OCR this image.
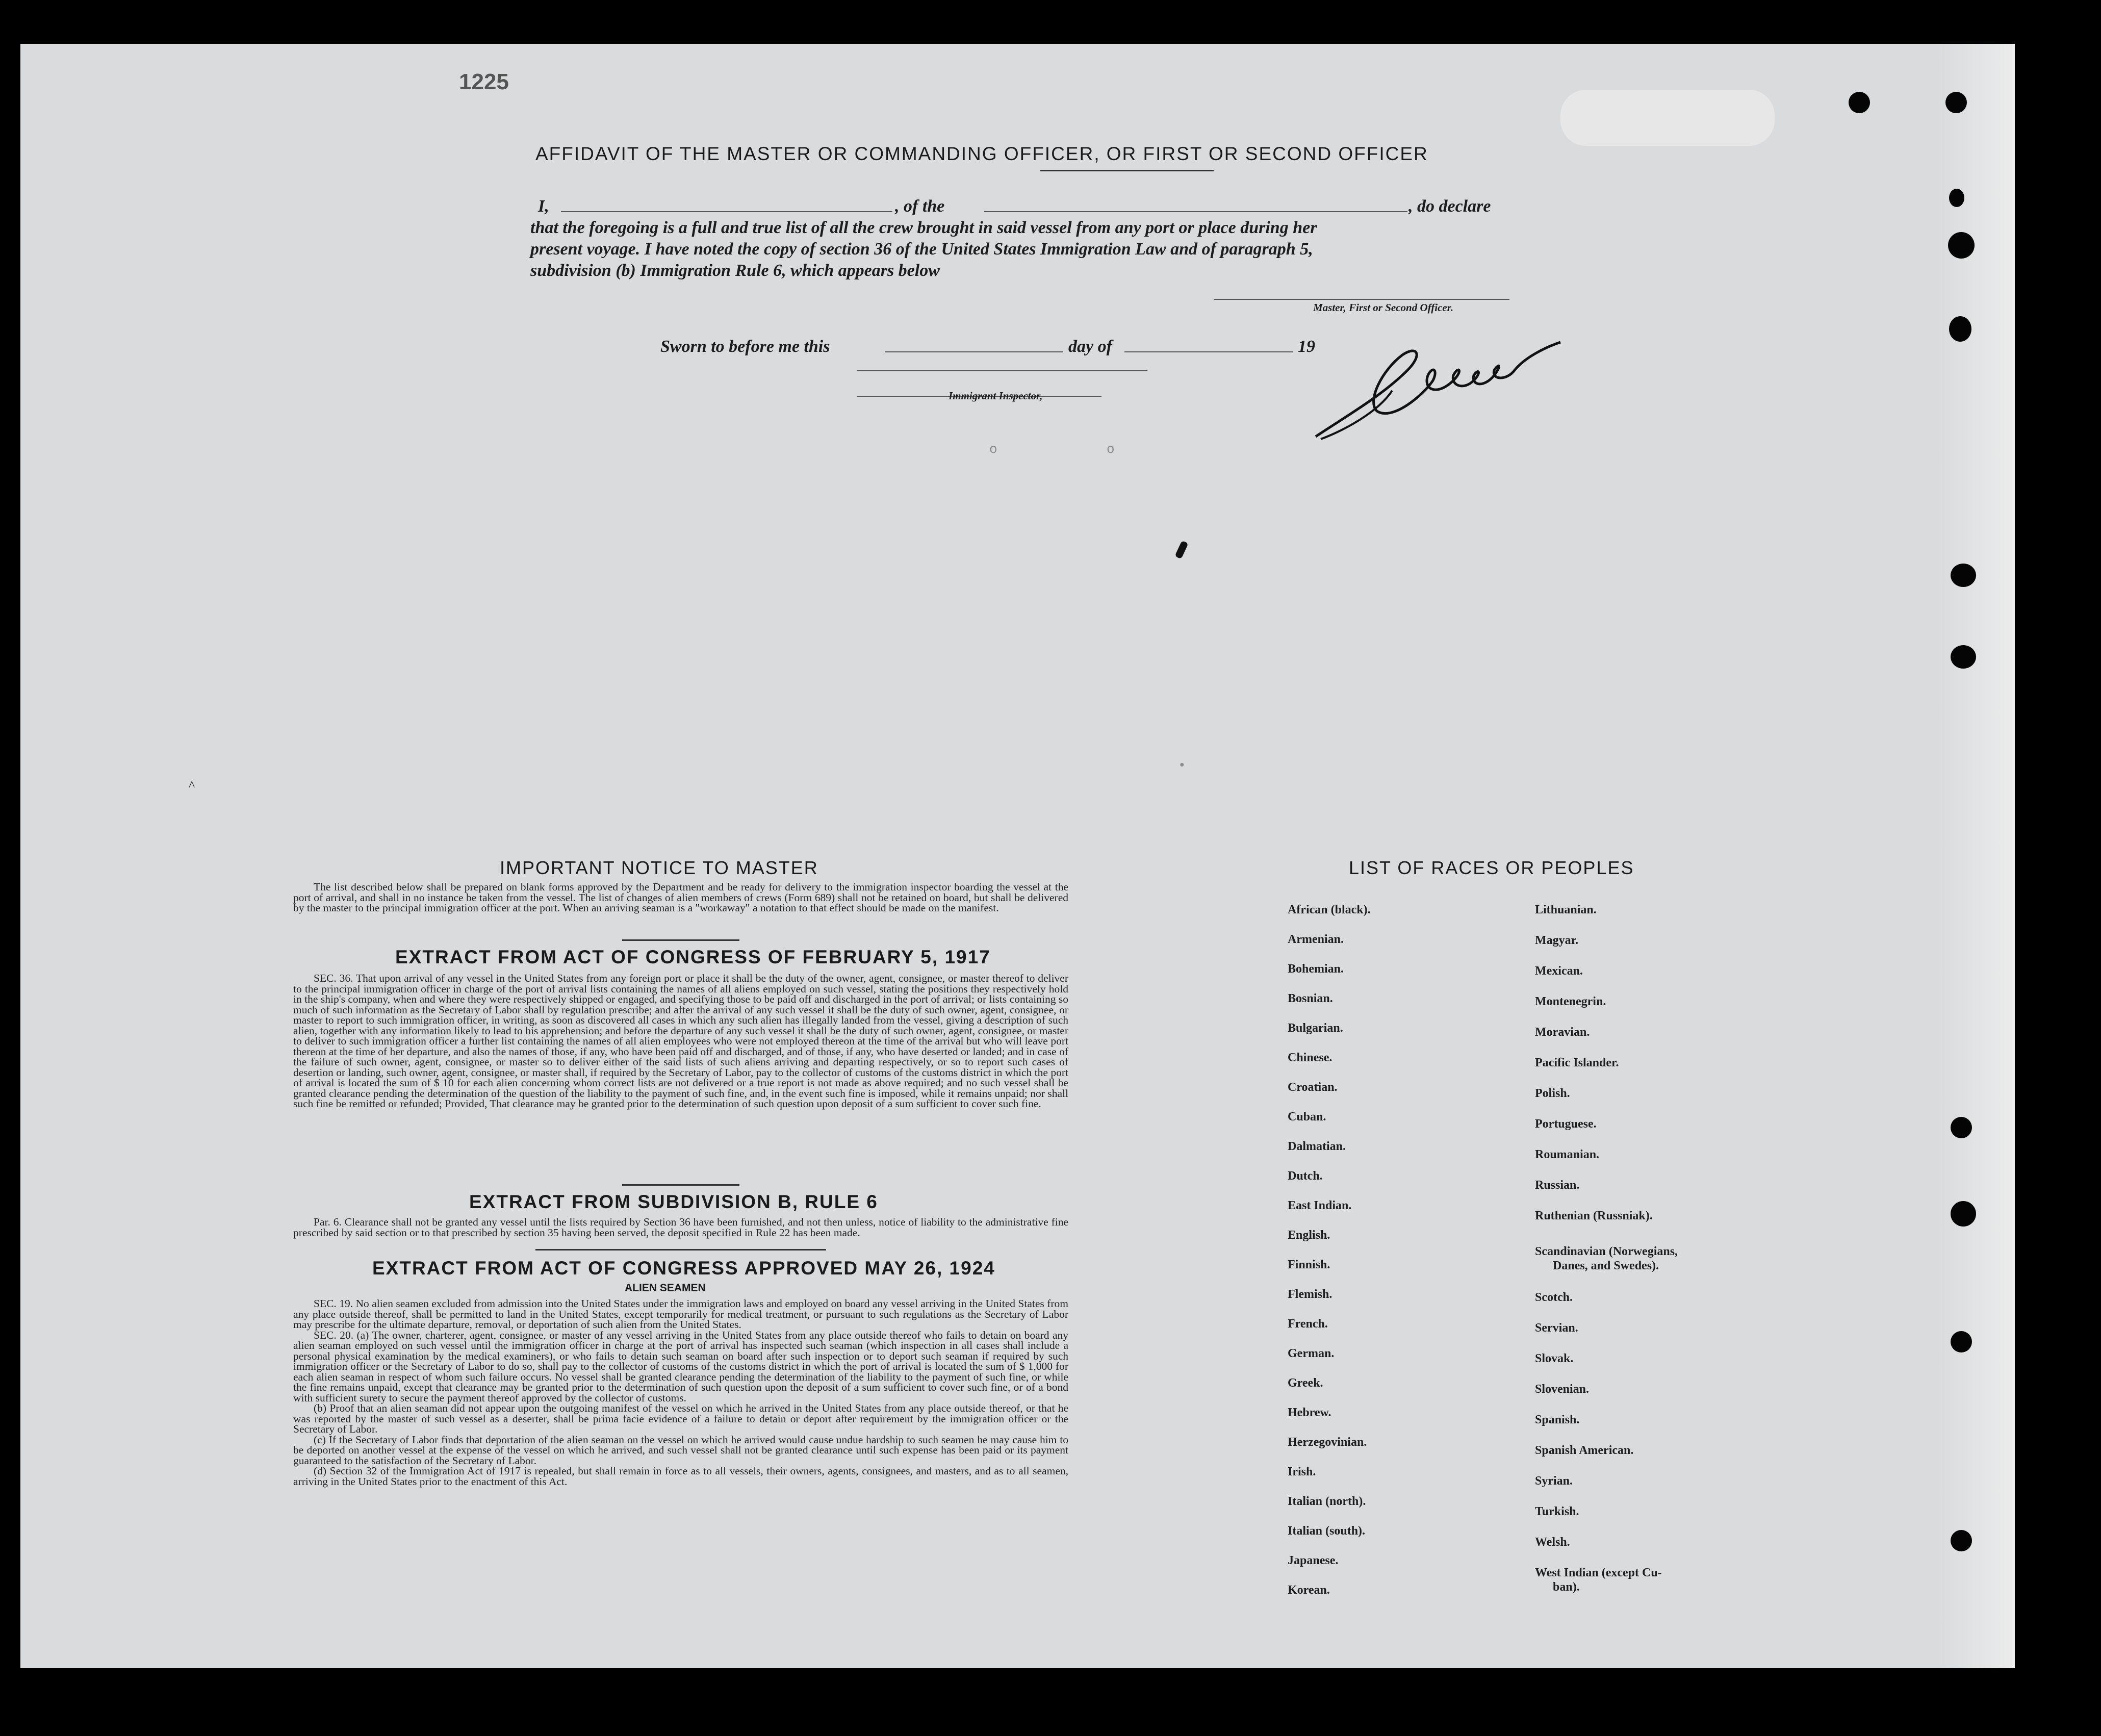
1225
AFFIDAVIT OF THE MASTER OR COMMANDING OFFICER, OR FIRST OR SECOND OFFICER
I,	, of the	, do declare
that the foregoing is a full and true list of all the crew brought in said vessel from any port or place during her
present voyage. I have noted the copy of section 36 of the United States Immigration Law and of paragraph 5,
subdivision (b) Immigration Rule 6, which appears below
Master, First or Second Officer.
Sworn to before me this	day of	19
Immigrant Inspector,
o	o
•
^
IMPORTANT NOTICE TO MASTER

The list described below shall be prepared on blank forms approved by the Department and be ready for delivery to the immigration inspector boarding the vessel at the port of arrival, and shall in no instance be taken from the vessel. The list of changes of alien members of crews (Form 689) shall not be retained on board, but shall be delivered by the master to the principal immigration officer at the port. When an arriving seaman is a "workaway" a notation to that effect should be made on the manifest.

EXTRACT FROM ACT OF CONGRESS OF FEBRUARY 5, 1917

SEC. 36. That upon arrival of any vessel in the United States from any foreign port or place it shall be the duty of the owner, agent, consignee, or master thereof to deliver to the principal immigration officer in charge of the port of arrival lists containing the names of all aliens employed on such vessel, stating the positions they respectively hold in the ship's company, when and where they were respectively shipped or engaged, and specifying those to be paid off and discharged in the port of arrival; or lists containing so much of such information as the Secretary of Labor shall by regulation prescribe; and after the arrival of any such vessel it shall be the duty of such owner, agent, consignee, or master to report to such immigration officer, in writing, as soon as discovered all cases in which any such alien has illegally landed from the vessel, giving a description of such alien, together with any information likely to lead to his apprehension; and before the departure of any such vessel it shall be the duty of such owner, agent, consignee, or master to deliver to such immigration officer a further list containing the names of all alien employees who were not employed thereon at the time of the arrival but who will leave port thereon at the time of her departure, and also the names of those, if any, who have been paid off and discharged, and of those, if any, who have deserted or landed; and in case of the failure of such owner, agent, consignee, or master so to deliver either of the said lists of such aliens arriving and departing respectively, or so to report such cases of desertion or landing, such owner, agent, consignee, or master shall, if required by the Secretary of Labor, pay to the collector of customs of the customs district in which the port of arrival is located the sum of $ 10 for each alien concerning whom correct lists are not delivered or a true report is not made as above required; and no such vessel shall be granted clearance pending the determination of the question of the liability to the payment of such fine, and, in the event such fine is imposed, while it remains unpaid; nor shall such fine be remitted or refunded; Provided, That clearance may be granted prior to the determination of such question upon deposit of a sum sufficient to cover such fine.

EXTRACT FROM SUBDIVISION B, RULE 6

Par. 6. Clearance shall not be granted any vessel until the lists required by Section 36 have been furnished, and not then unless, notice of liability to the administrative fine prescribed by said section or to that prescribed by section 35 having been served, the deposit specified in Rule 22 has been made.

EXTRACT FROM ACT OF CONGRESS APPROVED MAY 26, 1924
ALIEN SEAMEN

SEC. 19. No alien seamen excluded from admission into the United States under the immigration laws and employed on board any vessel arriving in the United States from any place outside thereof, shall be permitted to land in the United States, except temporarily for medical treatment, or pursuant to such regulations as the Secretary of Labor may prescribe for the ultimate departure, removal, or deportation of such alien from the United States.

SEC. 20. (a) The owner, charterer, agent, consignee, or master of any vessel arriving in the United States from any place outside thereof who fails to detain on board any alien seaman employed on such vessel until the immigration officer in charge at the port of arrival has inspected such seaman (which inspection in all cases shall include a personal physical examination by the medical examiners), or who fails to detain such seaman on board after such inspection or to deport such seaman if required by such immigration officer or the Secretary of Labor to do so, shall pay to the collector of customs of the customs district in which the port of arrival is located the sum of $ 1,000 for each alien seaman in respect of whom such failure occurs. No vessel shall be granted clearance pending the determination of the liability to the payment of such fine, or while the fine remains unpaid, except that clearance may be granted prior to the determination of such question upon the deposit of a sum sufficient to cover such fine, or of a bond with sufficient surety to secure the payment thereof approved by the collector of customs.

(b) Proof that an alien seaman did not appear upon the outgoing manifest of the vessel on which he arrived in the United States from any place outside thereof, or that he was reported by the master of such vessel as a deserter, shall be prima facie evidence of a failure to detain or deport after requirement by the immigration officer or the Secretary of Labor.

(c) If the Secretary of Labor finds that deportation of the alien seaman on the vessel on which he arrived would cause undue hardship to such seamen he may cause him to be deported on another vessel at the expense of the vessel on which he arrived, and such vessel shall not be granted clearance until such expense has been paid or its payment guaranteed to the satisfaction of the Secretary of Labor.

(d) Section 32 of the Immigration Act of 1917 is repealed, but shall remain in force as to all vessels, their owners, agents, consignees, and masters, and as to all seamen, arriving in the United States prior to the enactment of this Act.

LIST OF RACES OR PEOPLES
African (black).
Armenian.
Bohemian.
Bosnian.
Bulgarian.
Chinese.
Croatian.
Cuban.
Dalmatian.
Dutch.
East Indian.
English.
Finnish.
Flemish.
French.
German.
Greek.
Hebrew.
Herzegovinian.
Irish.
Italian (north).
Italian (south).
Japanese.
Korean.
Lithuanian.
Magyar.
Mexican.
Montenegrin.
Moravian.
Pacific Islander.
Polish.
Portuguese.
Roumanian.
Russian.
Ruthenian (Russniak).
Scandinavian (Norwegians,
Danes, and Swedes).
Scotch.
Servian.
Slovak.
Slovenian.
Spanish.
Spanish American.
Syrian.
Turkish.
Welsh.
West Indian (except Cu-
ban).
